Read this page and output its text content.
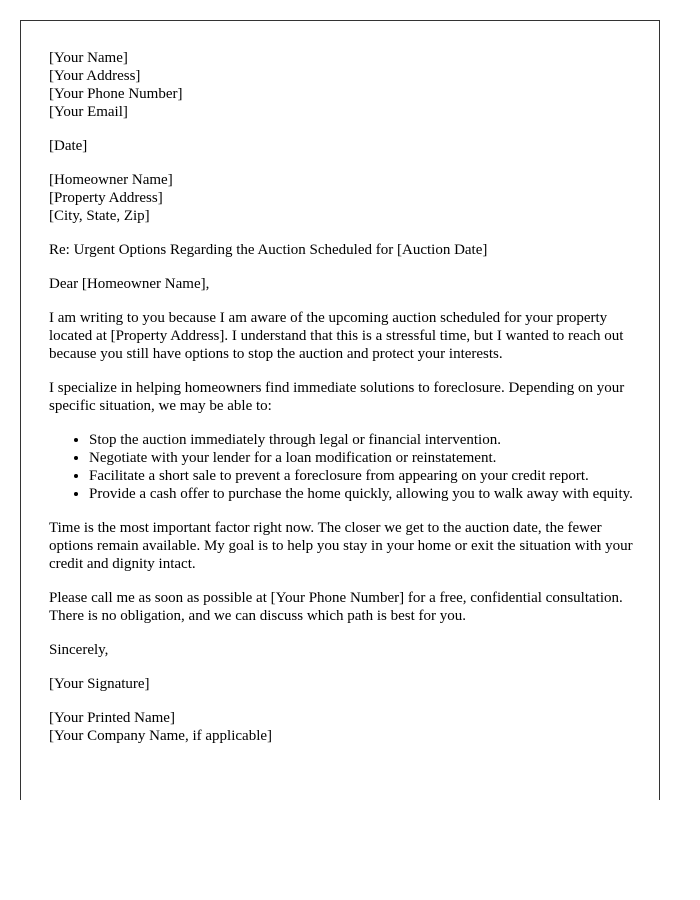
[Your Name]
[Your Address]
[Your Phone Number]
[Your Email]
[Date]
[Homeowner Name]
[Property Address]
[City, State, Zip]

Re: Urgent Options Regarding the Auction Scheduled for [Auction Date]

Dear [Homeowner Name],

I am writing to you because I am aware of the upcoming auction scheduled for your property located at [Property Address]. I understand that this is a stressful time, but I wanted to reach out because you still have options to stop the auction and protect your interests.

I specialize in helping homeowners find immediate solutions to foreclosure. Depending on your specific situation, we may be able to:

• Stop the auction immediately through legal or financial intervention.
• Negotiate with your lender for a loan modification or reinstatement.
• Facilitate a short sale to prevent a foreclosure from appearing on your credit report.
• Provide a cash offer to purchase the home quickly, allowing you to walk away with equity.

Time is the most important factor right now. The closer we get to the auction date, the fewer options remain available. My goal is to help you stay in your home or exit the situation with your credit and dignity intact.

Please call me as soon as possible at [Your Phone Number] for a free, confidential consultation. There is no obligation, and we can discuss which path is best for you.

Sincerely,

[Your Signature]

[Your Printed Name]
[Your Company Name, if applicable]
